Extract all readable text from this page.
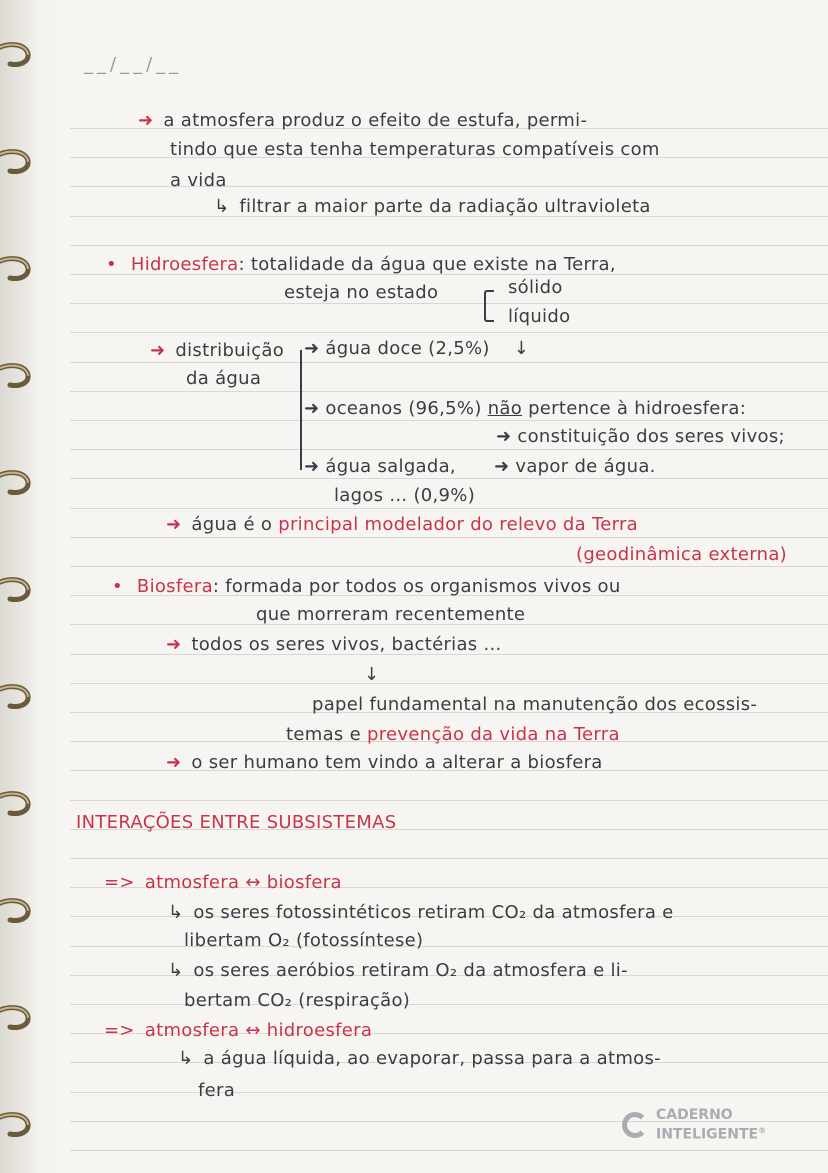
__/__/__
➜ a atmosfera produz o efeito de estufa, permi-
tindo que esta tenha temperaturas compatíveis com
a vida
↳ filtrar a maior parte da radiação ultravioleta
• Hidroesfera: totalidade da água que existe na Terra,
esteja no estado	sólido
líquido
➜ distribuição
da água
➜ água doce (2,5%) ↓
➜ oceanos (96,5%) não pertence à hidroesfera:
➜ constituição dos seres vivos;
➜ água salgada, ➜ vapor de água.
lagos ... (0,9%)
➜ água é o principal modelador do relevo da Terra
(geodinâmica externa)
• Biosfera: formada por todos os organismos vivos ou
que morreram recentemente
➜ todos os seres vivos, bactérias ...
↓
papel fundamental na manutenção dos ecossis-
temas e prevenção da vida na Terra
➜ o ser humano tem vindo a alterar a biosfera
INTERAÇÕES ENTRE SUBSISTEMAS
=> atmosfera ↔ biosfera
↳ os seres fotossintéticos retiram CO₂ da atmosfera e
libertam O₂ (fotossíntese)
↳ os seres aeróbios retiram O₂ da atmosfera e li-
bertam CO₂ (respiração)
=> atmosfera ↔ hidroesfera
↳ a água líquida, ao evaporar, passa para a atmos-
fera
CADERNO
INTELIGENTE®
